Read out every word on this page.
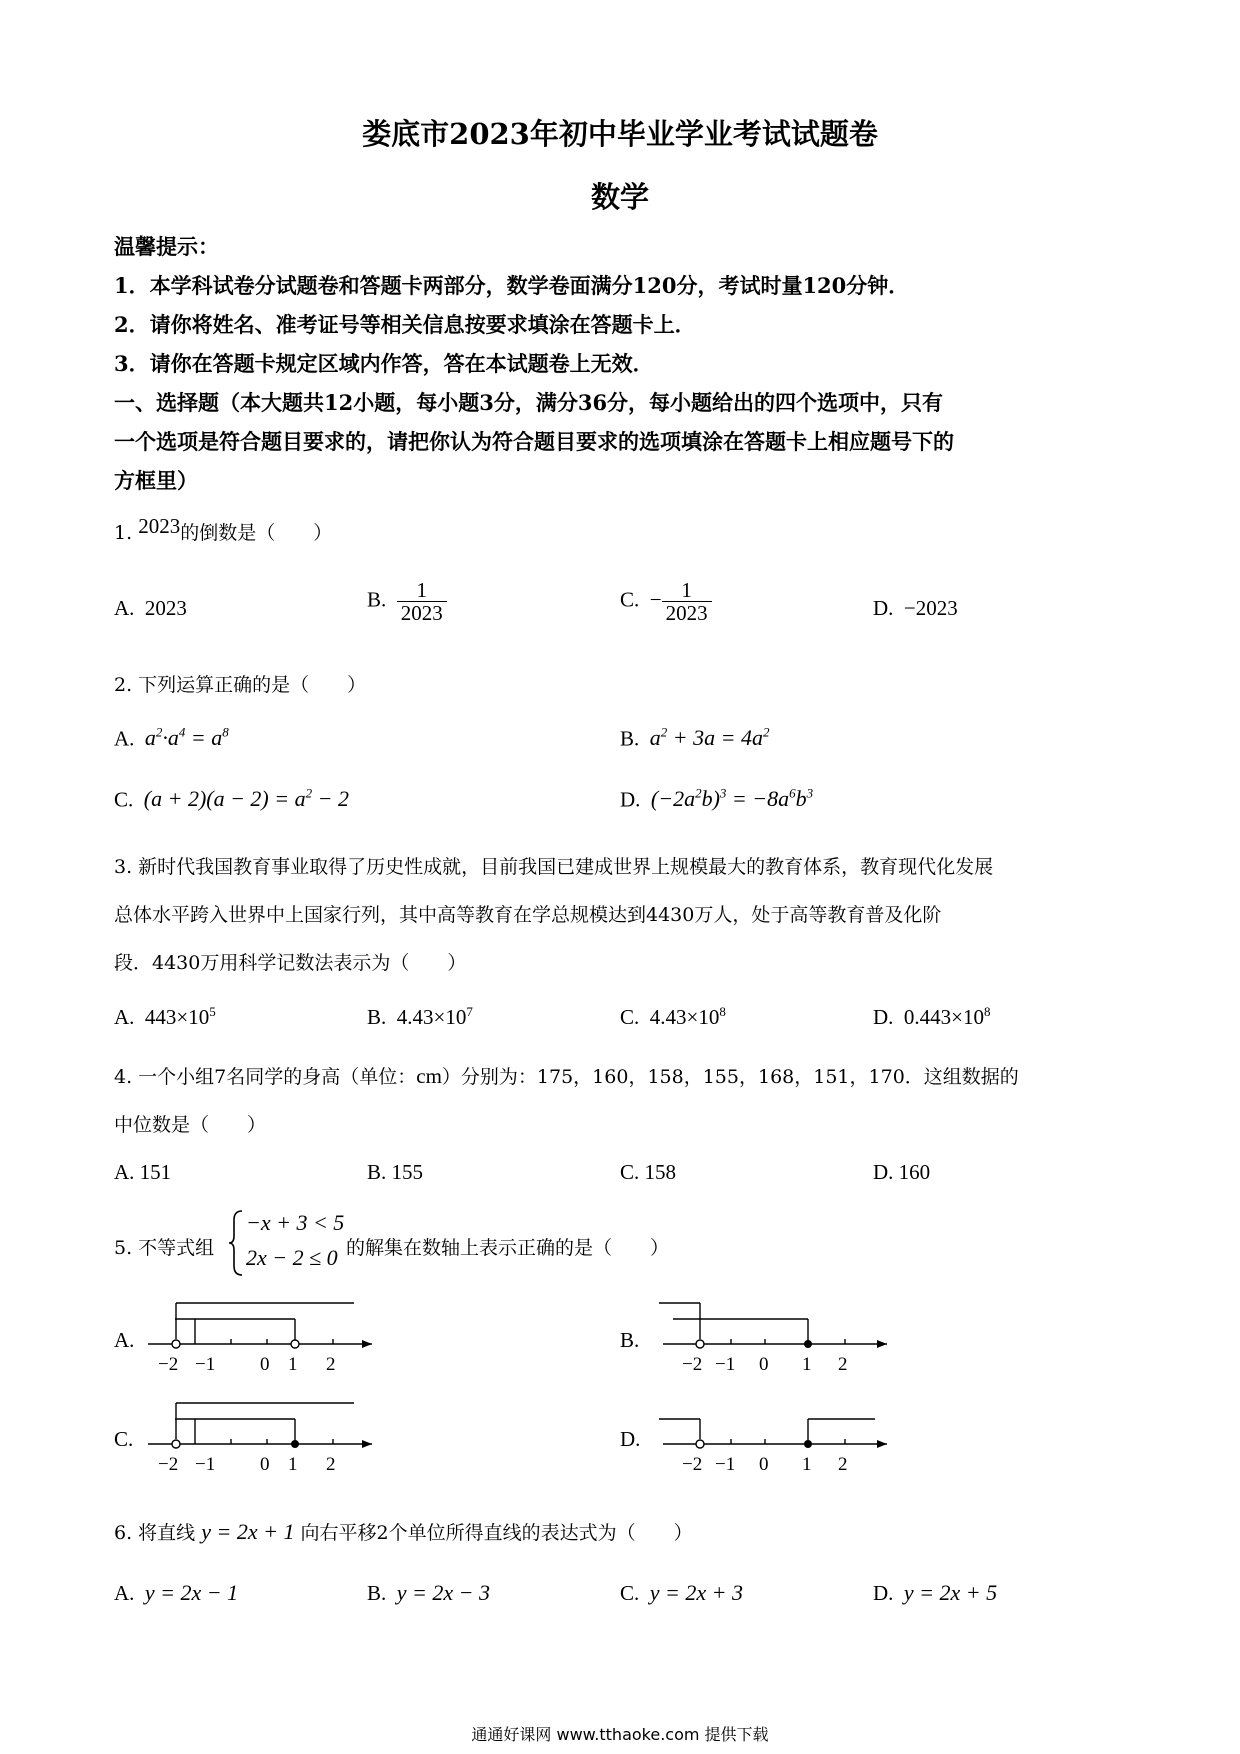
娄底市2023年初中毕业学业考试试题卷
数学
温馨提示：
1．本学科试卷分试题卷和答题卡两部分，数学卷面满分120分，考试时量120分钟．
2．请你将姓名、准考证号等相关信息按要求填涂在答题卡上．
3．请你在答题卡规定区域内作答，答在本试题卷上无效．
一、选择题（本大题共12小题，每小题3分，满分36分，每小题给出的四个选项中，只有
一个选项是符合题目要求的，请把你认为符合题目要求的选项填涂在答题卡上相应题号下的
方框里）
1. 2023的倒数是（　　）
A. 2023	B. $\frac{1}{2023}$	C. − $\frac{1}{2023}$	D. −2023
2. 下列运算正确的是（　　）
A. $a^2\cdot a^4 = a^8$	B. $a^2 + 3a = 4a^2$
C. $(a + 2)(a - 2) = a^2 - 2$	D. $(-2a^2b)^3 = -8a^6b^3$
3. 新时代我国教育事业取得了历史性成就，目前我国已建成世界上规模最大的教育体系，教育现代化发展
总体水平跨入世界中上国家行列，其中高等教育在学总规模达到4430万人，处于高等教育普及化阶
段．4430万用科学记数法表示为（　　）
A.  $443\times 10^5$	B.  $4.43\times 10^7$	C.  $4.43\times 10^8$	D.  $0.443\times 10^8$
4. 一个小组7名同学的身高（单位：cm）分别为：175，160，158，155，168，151，170．这组数据的
中位数是（　　）
A. 151	B. 155	C. 158	D. 160
5. 不等式组
−x + 3 < 5
2x − 2 ≤ 0 的解集在数轴上表示正确的是（　　）
A.	B.
C.	D.
−2 −1 0 1 2	−2 −1 0 1 2
−2 −1 0 1 2	−2 −1 0 1 2
6. 将直线 y = 2x + 1 向右平移2个单位所得直线的表达式为（　　）
A. y = 2x − 1	B. y = 2x − 3	C. y = 2x + 3	D. y = 2x + 5
通通好课网 www.tthaoke.com 提供下载
